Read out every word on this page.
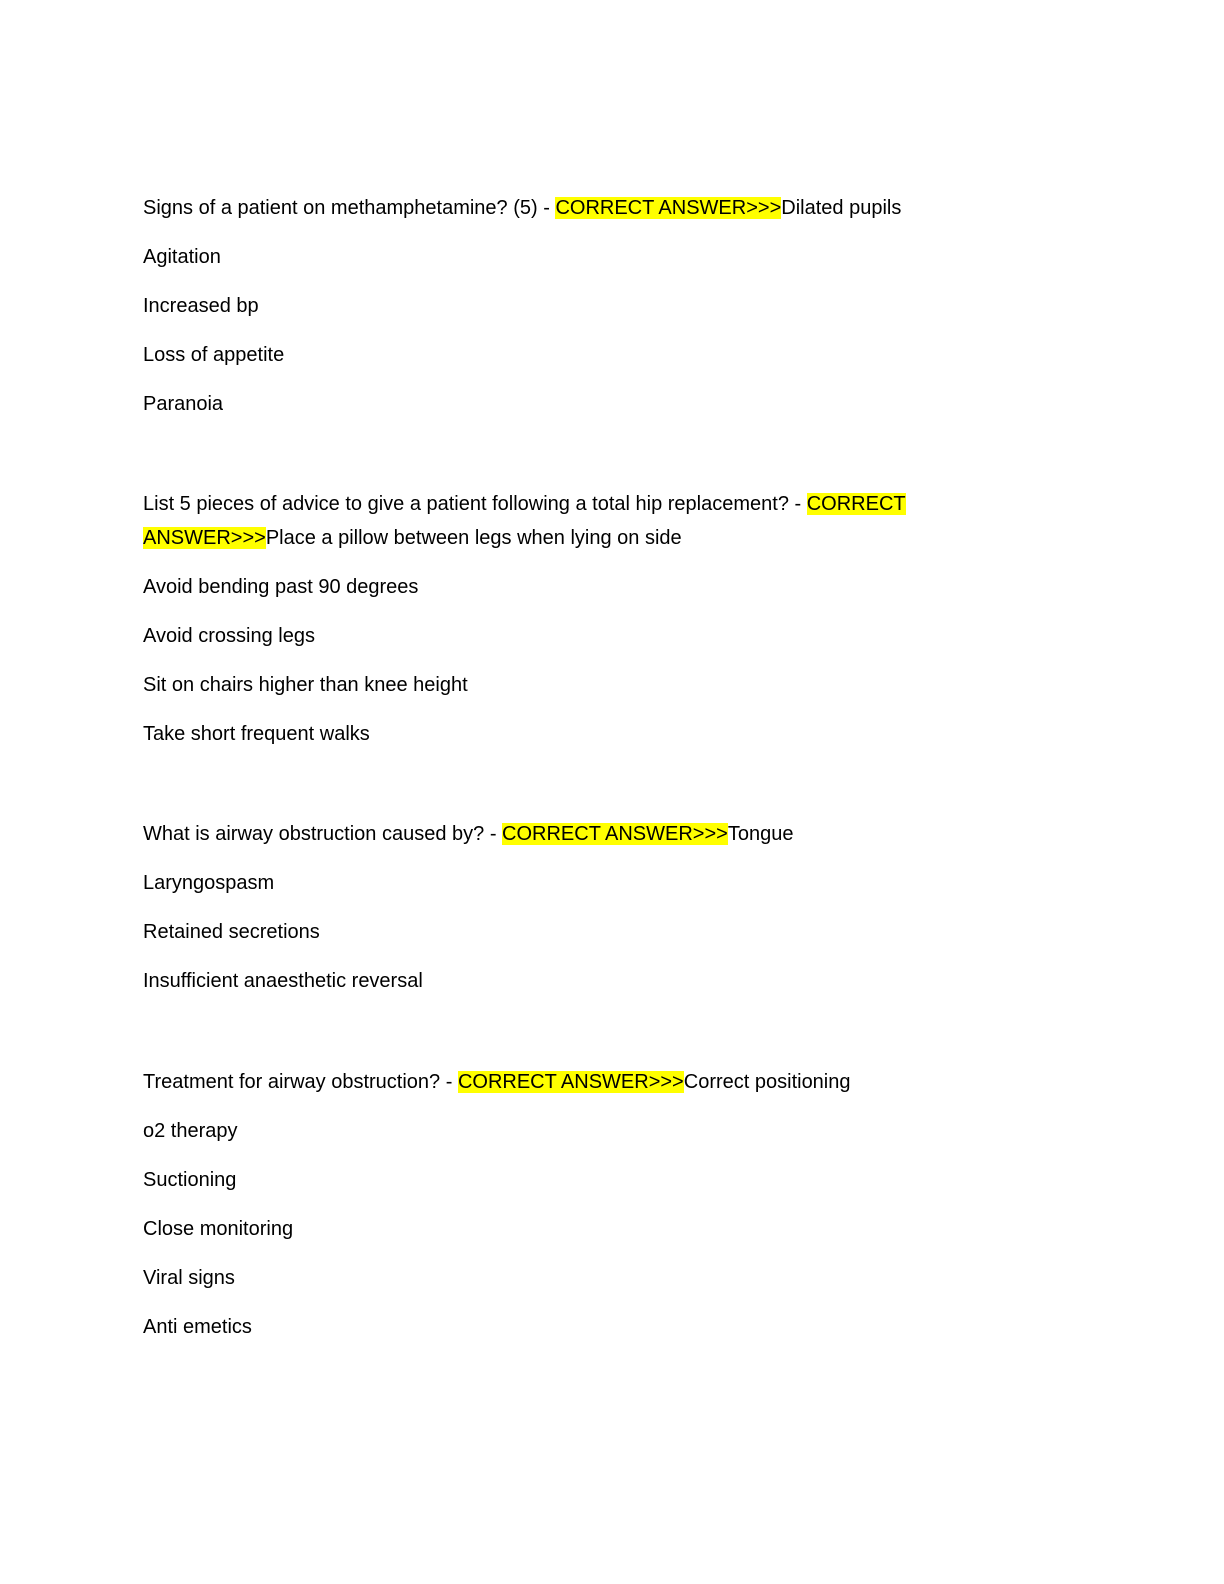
Signs of a patient on methamphetamine? (5) - CORRECT ANSWER>>>Dilated pupils

Agitation

Increased bp

Loss of appetite

Paranoia

List 5 pieces of advice to give a patient following a total hip replacement? - CORRECT

ANSWER>>>Place a pillow between legs when lying on side

Avoid bending past 90 degrees

Avoid crossing legs

Sit on chairs higher than knee height

Take short frequent walks

What is airway obstruction caused by? - CORRECT ANSWER>>>Tongue

Laryngospasm

Retained secretions

Insufficient anaesthetic reversal

Treatment for airway obstruction? - CORRECT ANSWER>>>Correct positioning

o2 therapy

Suctioning

Close monitoring

Viral signs

Anti emetics
